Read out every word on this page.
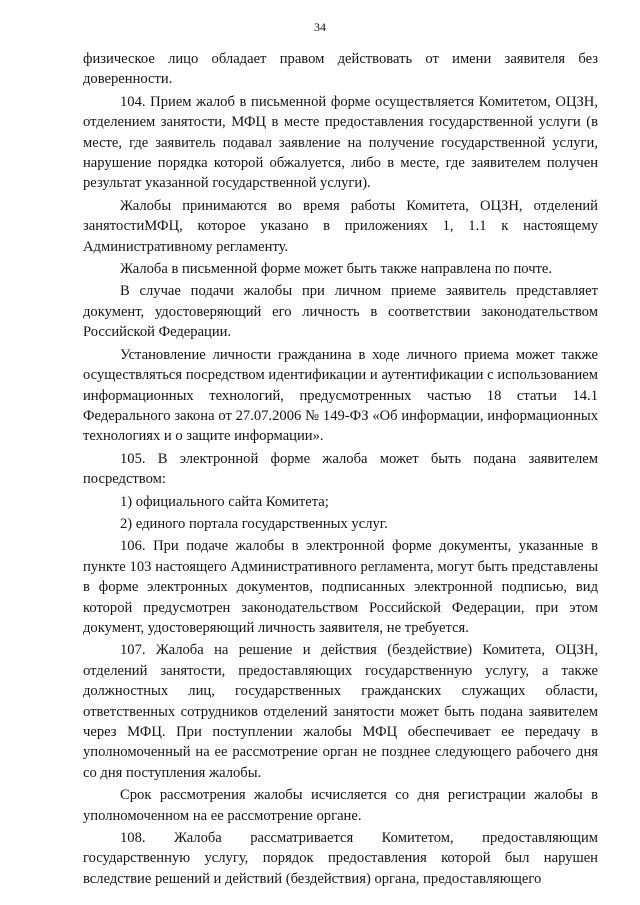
34

физическое лицо обладает правом действовать от имени заявителя без доверенности.

104. Прием жалоб в письменной форме осуществляется Комитетом, ОЦЗН, отделением занятости, МФЦ в месте предоставления государственной услуги (в месте, где заявитель подавал заявление на получение государственной услуги, нарушение порядка которой обжалуется, либо в месте, где заявителем получен результат указанной государственной услуги).

Жалобы принимаются во время работы Комитета, ОЦЗН, отделений занятостиМФЦ, которое указано в приложениях 1, 1.1 к настоящему Административному регламенту.

Жалоба в письменной форме может быть также направлена по почте.

В случае подачи жалобы при личном приеме заявитель представляет документ, удостоверяющий его личность в соответствии законодательством Российской Федерации.

Установление личности гражданина в ходе личного приема может также осуществляться посредством идентификации и аутентификации с использованием информационных технологий, предусмотренных частью 18 статьи 14.1 Федерального закона от 27.07.2006 № 149-ФЗ «Об информации, информационных технологиях и о защите информации».

105. В электронной форме жалоба может быть подана заявителем посредством:

1) официального сайта Комитета;

2) единого портала государственных услуг.

106. При подаче жалобы в электронной форме документы, указанные в пункте 103 настоящего Административного регламента, могут быть представлены в форме электронных документов, подписанных электронной подписью, вид которой предусмотрен законодательством Российской Федерации, при этом документ, удостоверяющий личность заявителя, не требуется.

107. Жалоба на решение и действия (бездействие) Комитета, ОЦЗН, отделений занятости, предоставляющих государственную услугу, а также должностных лиц, государственных гражданских служащих области, ответственных сотрудников отделений занятости может быть подана заявителем через МФЦ. При поступлении жалобы МФЦ обеспечивает ее передачу в уполномоченный на ее рассмотрение орган не позднее следующего рабочего дня со дня поступления жалобы.

Срок рассмотрения жалобы исчисляется со дня регистрации жалобы в уполномоченном на ее рассмотрение органе.

108. Жалоба рассматривается Комитетом, предоставляющим государственную услугу, порядок предоставления которой был нарушен вследствие решений и действий (бездействия) органа, предоставляющего
